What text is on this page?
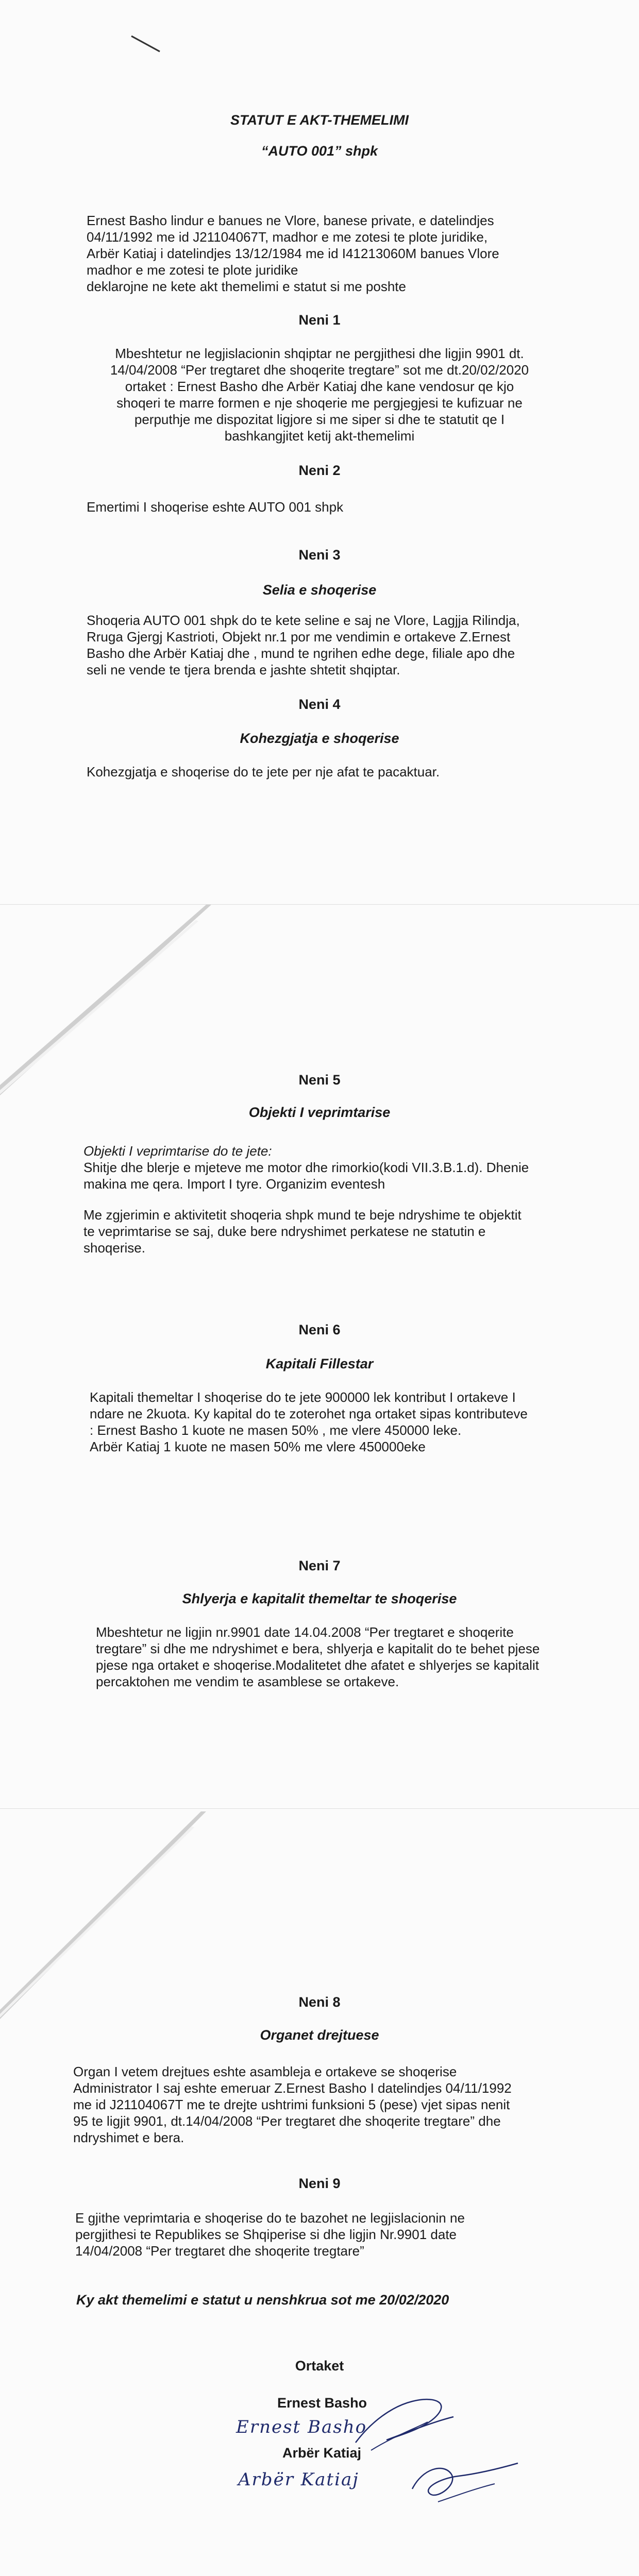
STATUT E AKT-THEMELIMI
“AUTO 001” shpk
Ernest Basho lindur e banues ne Vlore, banese private, e datelindjes
04/11/1992 me id J21104067T, madhor e me zotesi te plote juridike,
Arbër Katiaj i datelindjes 13/12/1984 me id I41213060M banues Vlore
madhor e me zotesi te plote juridike
deklarojne ne kete akt themelimi e statut si me poshte
Neni 1
Mbeshtetur ne legjislacionin shqiptar ne pergjithesi dhe ligjin 9901 dt.
14/04/2008 “Per tregtaret dhe shoqerite tregtare” sot me dt.20/02/2020
ortaket : Ernest Basho dhe Arbër Katiaj dhe kane vendosur qe kjo
shoqeri te marre formen e nje shoqerie me pergjegjesi te kufizuar ne
perputhje me dispozitat ligjore si me siper si dhe te statutit qe I
bashkangjitet ketij akt-themelimi
Neni 2
Emertimi I shoqerise eshte AUTO 001 shpk
Neni 3
Selia e shoqerise
Shoqeria AUTO 001 shpk do te kete seline e saj ne Vlore, Lagjja Rilindja,
Rruga Gjergj Kastrioti, Objekt nr.1 por me vendimin e ortakeve Z.Ernest
Basho dhe Arbër Katiaj dhe , mund te ngrihen edhe dege, filiale apo dhe
seli ne vende te tjera brenda e jashte shtetit shqiptar.
Neni 4
Kohezgjatja e shoqerise
Kohezgjatja e shoqerise do te jete per nje afat te pacaktuar.
Neni 5
Objekti I veprimtarise
Objekti I veprimtarise do te jete:
Shitje dhe blerje e mjeteve me motor dhe rimorkio(kodi VII.3.B.1.d). Dhenie
makina me qera. Import I tyre. Organizim eventesh
Me zgjerimin e aktivitetit shoqeria shpk mund te beje ndryshime te objektit
te veprimtarise se saj, duke bere ndryshimet perkatese ne statutin e
shoqerise.
Neni 6
Kapitali Fillestar
Kapitali themeltar I shoqerise do te jete 900000 lek kontribut I ortakeve I
ndare ne 2kuota. Ky kapital do te zoterohet nga ortaket sipas kontributeve
: Ernest Basho 1 kuote ne masen 50% , me vlere 450000 leke.
Arbër Katiaj 1 kuote ne masen 50% me vlere 450000eke
Neni 7
Shlyerja e kapitalit themeltar te shoqerise
Mbeshtetur ne ligjin nr.9901 date 14.04.2008 “Per tregtaret e shoqerite
tregtare” si dhe me ndryshimet e bera, shlyerja e kapitalit do te behet pjese
pjese nga ortaket e shoqerise.Modalitetet dhe afatet e shlyerjes se kapitalit
percaktohen me vendim te asamblese se ortakeve.
Neni 8
Organet drejtuese
Organ I vetem drejtues eshte asambleja e ortakeve se shoqerise
Administrator I saj eshte emeruar Z.Ernest Basho I datelindjes 04/11/1992
me id J21104067T me te drejte ushtrimi funksioni 5 (pese) vjet sipas nenit
95 te ligjit 9901, dt.14/04/2008 “Per tregtaret dhe shoqerite tregtare” dhe
ndryshimet e bera.
Neni 9
E gjithe veprimtaria e shoqerise do te bazohet ne legjislacionin ne
pergjithesi te Republikes se Shqiperise si dhe ligjin Nr.9901 date
14/04/2008 “Per tregtaret dhe shoqerite tregtare”
Ky akt themelimi e statut u nenshkrua sot me 20/02/2020
Ortaket
Ernest Basho
Ernest Basho
Arbër Katiaj
Arbër Katiaj
